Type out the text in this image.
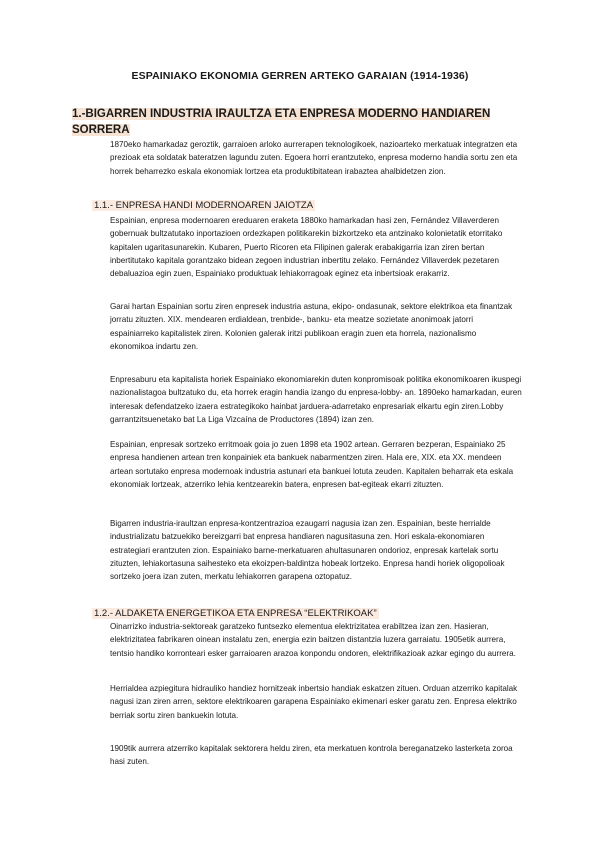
ESPAINIAKO EKONOMIA GERREN ARTEKO GARAIAN (1914-1936)
1.-BIGARREN INDUSTRIA IRAULTZA ETA ENPRESA MODERNO HANDIAREN SORRERA

1870eko hamarkadaz geroztik, garraioen arloko aurrerapen teknologikoek, nazioarteko merkatuak integratzen eta prezioak eta soldatak bateratzen lagundu zuten. Egoera horri erantzuteko, enpresa moderno handia sortu zen eta horrek beharrezko eskala ekonomiak lortzea eta produktibitatean irabaztea ahalbidetzen zion.

1.1.- ENPRESA HANDI MODERNOAREN JAIOTZA

Espainian, enpresa modernoaren ereduaren eraketa 1880ko hamarkadan hasi zen, Fernández Villaverderen gobernuak bultzatutako inportazioen ordezkapen politikarekin bizkortzeko eta antzinako kolonietatik etorritako kapitalen ugaritasunarekin. Kubaren, Puerto Ricoren eta Filipinen galerak erabakigarria izan ziren bertan inbertitutako kapitala gorantzako bidean zegoen industrian inbertitu zelako. Fernández Villaverdek pezetaren debaluazioa egin zuen, Espainiako produktuak lehiakorragoak eginez eta inbertsioak erakarriz.

Garai hartan Espainian sortu ziren enpresek industria astuna, ekipo- ondasunak, sektore elektrikoa eta finantzak jorratu zituzten. XIX. mendearen erdialdean, trenbide-, banku- eta meatze sozietate anonimoak jatorri espainiarreko kapitalistek ziren. Kolonien galerak iritzi publikoan eragin zuen eta horrela, nazionalismo ekonomikoa indartu zen.

Enpresaburu eta kapitalista horiek Espainiako ekonomiarekin duten konpromisoak politika ekonomikoaren ikuspegi nazionalistagoa bultzatuko du, eta horrek eragin handia izango du enpresa-lobby- an. 1890eko hamarkadan, euren interesak defendatzeko izaera estrategikoko hainbat jarduera-adarretako enpresariak elkartu egin ziren.Lobby garrantzitsuenetako bat La Liga Vizcaína de Productores (1894) izan zen.

Espainian, enpresak sortzeko erritmoak goia jo zuen 1898 eta 1902 artean. Gerraren bezperan, Espainiako 25 enpresa handienen artean tren konpainiek eta bankuek nabarmentzen ziren. Hala ere, XIX. eta XX. mendeen artean sortutako enpresa modernoak industria astunari eta bankuei lotuta zeuden. Kapitalen beharrak eta eskala ekonomiak lortzeak, atzerriko lehia kentzearekin batera, enpresen bat-egiteak ekarri zituzten.

Bigarren industria-iraultzan enpresa-kontzentrazioa ezaugarri nagusia izan zen. Espainian, beste herrialde industrializatu batzuekiko bereizgarri bat enpresa handiaren nagusitasuna zen. Hori eskala-ekonomiaren estrategiari erantzuten zion. Espainiako barne-merkatuaren ahultasunaren ondorioz, enpresak kartelak sortu zituzten, lehiakortasuna saihesteko eta ekoizpen-baldintza hobeak lortzeko. Enpresa handi horiek oligopolioak sortzeko joera izan zuten, merkatu lehiakorren garapena oztopatuz.

1.2.- ALDAKETA ENERGETIKOA ETA ENPRESA “ELEKTRIKOAK”

Oinarrizko industria-sektoreak garatzeko funtsezko elementua elektrizitatea erabiltzea izan zen. Hasieran, elektrizitatea fabrikaren oinean instalatu zen, energia ezin baitzen distantzia luzera garraiatu. 1905etik aurrera, tentsio handiko korronteari esker garraioaren arazoa konpondu ondoren, elektrifikazioak azkar egingo du aurrera.

Herrialdea azpiegitura hidrauliko handiez hornitzeak inbertsio handiak eskatzen zituen. Orduan atzerriko kapitalak nagusi izan ziren arren, sektore elektrikoaren garapena Espainiako ekimenari esker garatu zen. Enpresa elektriko berriak sortu ziren bankuekin lotuta.

1909tik aurrera atzerriko kapitalak sektorera heldu ziren, eta merkatuen kontrola bereganatzeko lasterketa zoroa hasi zuten.
